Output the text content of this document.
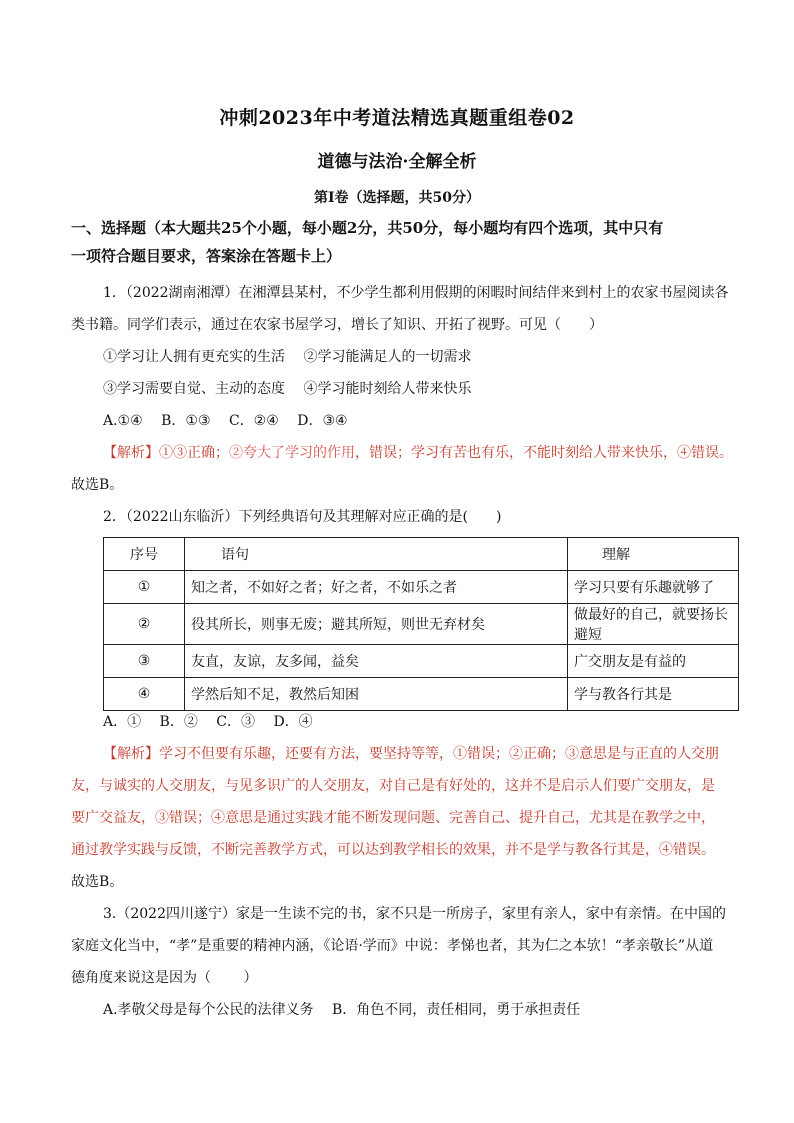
冲刺2023年中考道法精选真题重组卷02
道德与法治·全解全析
第I卷（选择题，共50分）
一、选择题（本大题共25个小题，每小题2分，共50分，每小题均有四个选项，其中只有
一项符合题目要求，答案涂在答题卡上）
1．（2022湖南湘潭）在湘潭县某村，不少学生都利用假期的闲暇时间结伴来到村上的农家书屋阅读各
类书籍。同学们表示，通过在农家书屋学习，增长了知识、开拓了视野。可见（　　）
①学习让人拥有更充实的生活　 ②学习能满足人的一切需求
③学习需要自觉、主动的态度　 ④学习能时刻给人带来快乐
A.①④　 B．①③　 C．②④　 D．③④
【解析】①③正确；②夸大了学习的作用，错误；学习有苦也有乐，不能时刻给人带来快乐，④错误。
故选B。
2．（2022山东临沂）下列经典语句及其理解对应正确的是(　　)
序号	语句	理解
①	知之者，不如好之者；好之者，不如乐之者	学习只要有乐趣就够了
②	役其所长，则事无废；避其所短，则世无弃材矣	做最好的自己，就要扬长避短
③	友直，友谅，友多闻，益矣	广交朋友是有益的
④	学然后知不足，教然后知困	学与教各行其是
A．①　 B．②　 C．③　 D．④
【解析】学习不但要有乐趣，还要有方法，要坚持等等，①错误；②正确；③意思是与正直的人交朋
友，与诚实的人交朋友，与见多识广的人交朋友，对自己是有好处的，这并不是启示人们要广交朋友，是
要广交益友，③错误；④意思是通过实践才能不断发现问题、完善自己、提升自己，尤其是在教学之中，
通过教学实践与反馈，不断完善教学方式，可以达到教学相长的效果，并不是学与教各行其是，④错误。
故选B。
3.（2022四川遂宁）家是一生读不完的书，家不只是一所房子，家里有亲人，家中有亲情。在中国的
家庭文化当中，“孝”是重要的精神内涵，《论语·学而》中说：孝悌也者，其为仁之本欤！“孝亲敬长”从道
德角度来说这是因为（　　 ）
A.孝敬父母是每个公民的法律义务　 B．角色不同，责任相同，勇于承担责任
